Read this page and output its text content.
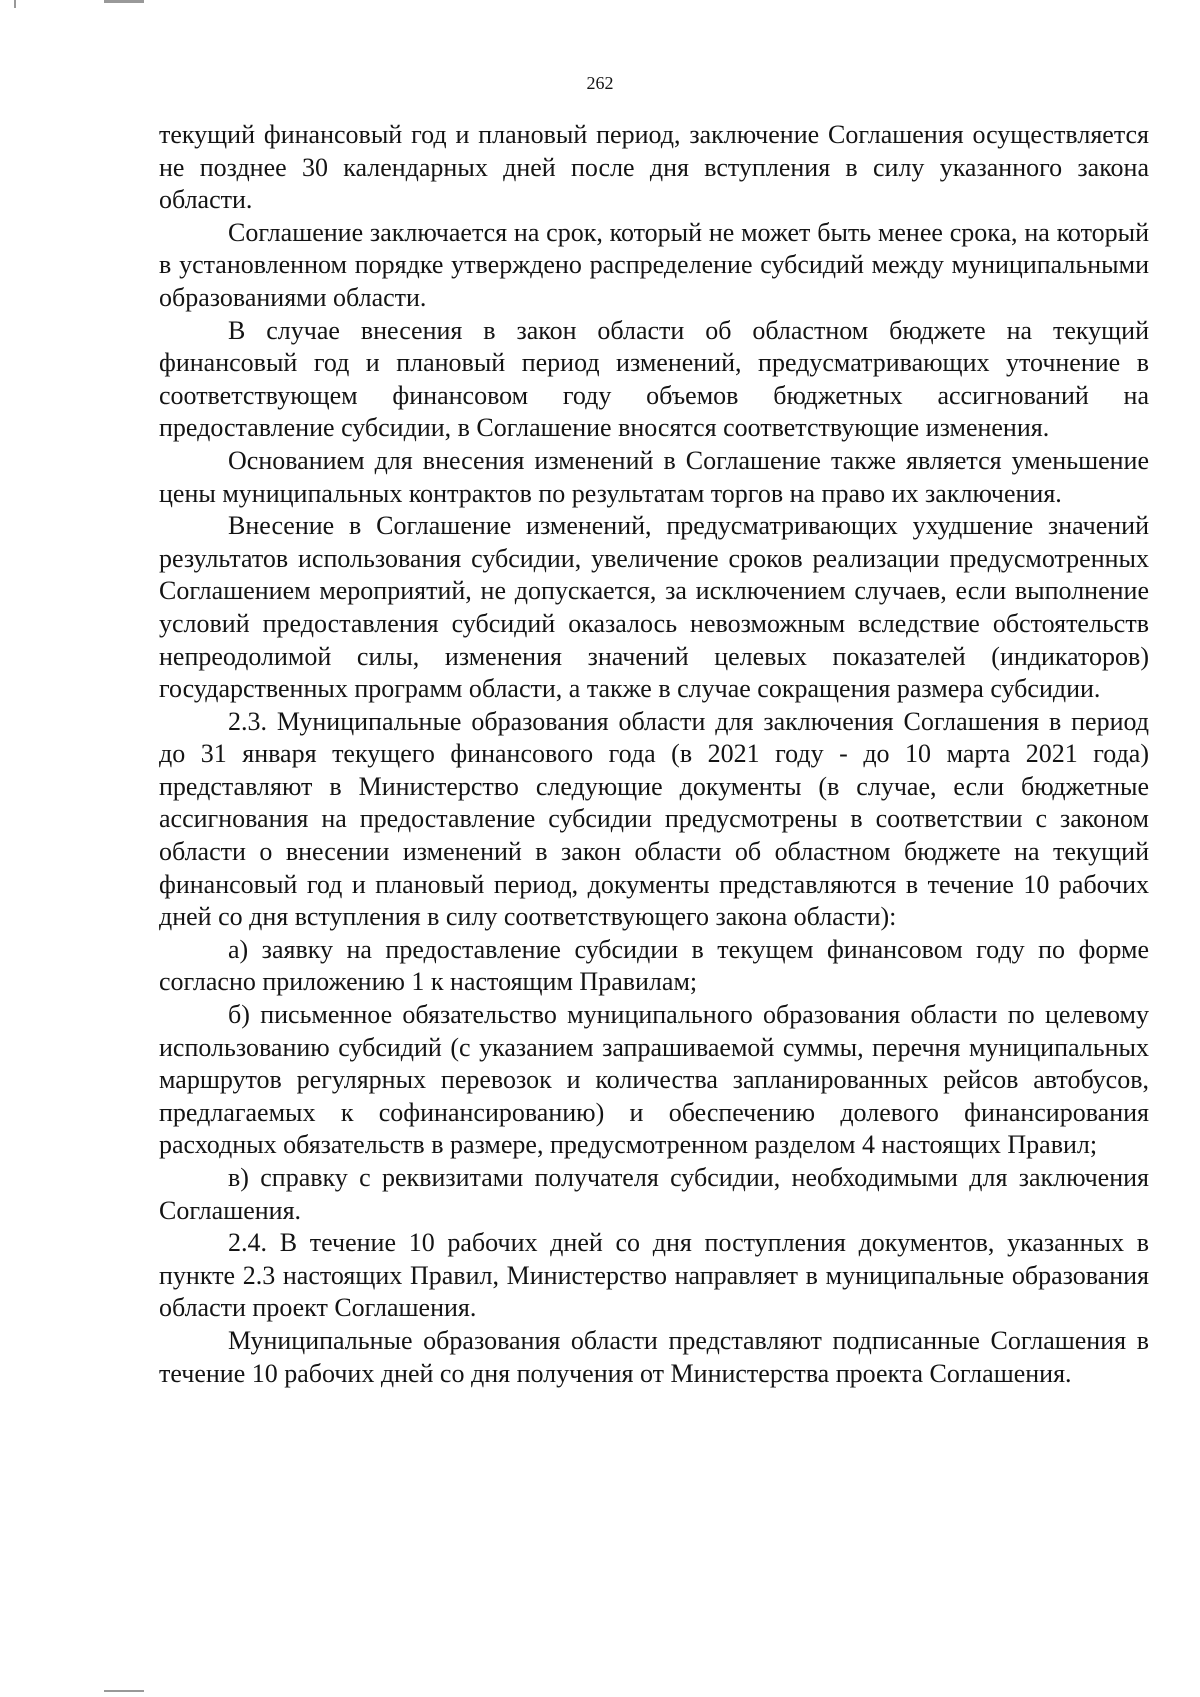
262

текущий финансовый год и плановый период, заключение Соглашения осуществляется не позднее 30 календарных дней после дня вступления в силу указанного закона области.

Соглашение заключается на срок, который не может быть менее срока, на который в установленном порядке утверждено распределение субсидий между муниципальными образованиями области.

В случае внесения в закон области об областном бюджете на текущий финансовый год и плановый период изменений, предусматривающих уточнение в соответствующем финансовом году объемов бюджетных ассигнований на предоставление субсидии, в Соглашение вносятся соответствующие изменения.

Основанием для внесения изменений в Соглашение также является уменьшение цены муниципальных контрактов по результатам торгов на право их заключения.

Внесение в Соглашение изменений, предусматривающих ухудшение значений результатов использования субсидии, увеличение сроков реализации предусмотренных Соглашением мероприятий, не допускается, за исключением случаев, если выполнение условий предоставления субсидий оказалось невозможным вследствие обстоятельств непреодолимой силы, изменения значений целевых показателей (индикаторов) государственных программ области, а также в случае сокращения размера субсидии.

2.3. Муниципальные образования области для заключения Соглашения в период до 31 января текущего финансового года (в 2021 году - до 10 марта 2021 года) представляют в Министерство следующие документы (в случае, если бюджетные ассигнования на предоставление субсидии предусмотрены в соответствии с законом области о внесении изменений в закон области об областном бюджете на текущий финансовый год и плановый период, документы представляются в течение 10 рабочих дней со дня вступления в силу соответствующего закона области):

а) заявку на предоставление субсидии в текущем финансовом году по форме согласно приложению 1 к настоящим Правилам;

б) письменное обязательство муниципального образования области по целевому использованию субсидий (с указанием запрашиваемой суммы, перечня муниципальных маршрутов регулярных перевозок и количества запланированных рейсов автобусов, предлагаемых к софинансированию) и обеспечению долевого финансирования расходных обязательств в размере, предусмотренном разделом 4 настоящих Правил;

в) справку с реквизитами получателя субсидии, необходимыми для заключения Соглашения.

2.4. В течение 10 рабочих дней со дня поступления документов, указанных в пункте 2.3 настоящих Правил, Министерство направляет в муниципальные образования области проект Соглашения.

Муниципальные образования области представляют подписанные Соглашения в течение 10 рабочих дней со дня получения от Министерства проекта Соглашения.
